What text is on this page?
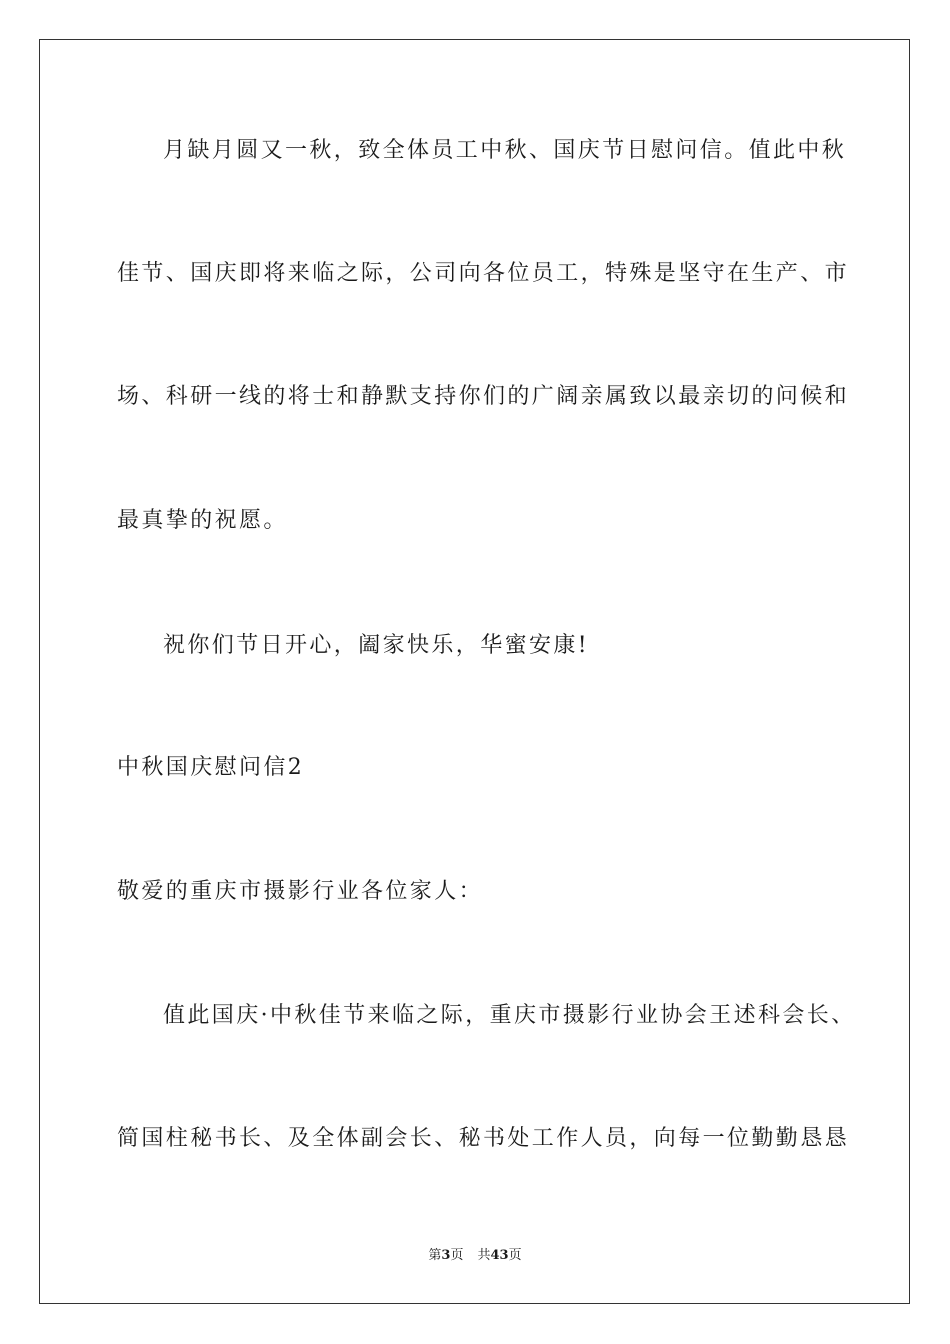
月缺月圆又一秋，致全体员工中秋、国庆节日慰问信。值此中秋
佳节、国庆即将来临之际，公司向各位员工，特殊是坚守在生产、市
场、科研一线的将士和静默支持你们的广阔亲属致以最亲切的问候和
最真挚的祝愿。
祝你们节日开心，阖家快乐，华蜜安康!
中秋国庆慰问信2
敬爱的重庆市摄影行业各位家人：
值此国庆·中秋佳节来临之际，重庆市摄影行业协会王述科会长、
简国柱秘书长、及全体副会长、秘书处工作人员，向每一位勤勤恳恳
第3页 共43页
